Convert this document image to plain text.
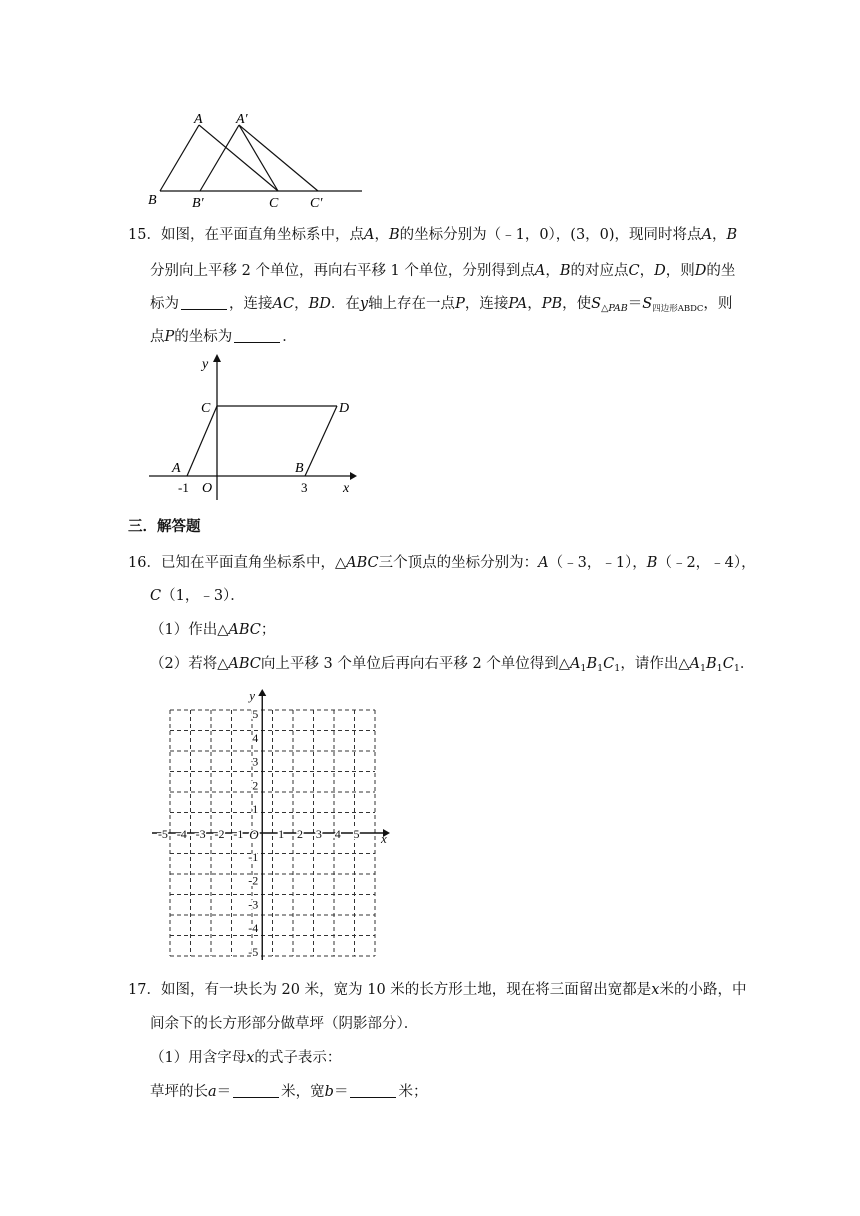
A A′
B	B′	C C′
15．如图，在平面直角坐标系中，点A，B的坐标分别为（﹣1，0），(3，0)，现同时将点A，B
分别向上平移 2 个单位，再向右平移 1 个单位，分别得到点A，B的对应点C，D，则D的坐
标为	，连接AC，BD．在y轴上存在一点P，连接PA，PB，使$S_{\triangle PAB}=S_{四边形ABDC}$，则
点P的坐标为	．
y
C	D
A	B
-1 O	3	x
三．解答题
16．已知在平面直角坐标系中，△ABC三个顶点的坐标分别为：A（﹣3，﹣1），B（﹣2，﹣4），
C（1，﹣3）．
（1）作出△ABC；
（2）若将△ABC向上平移 3 个单位后再向右平移 2 个单位得到$\triangle A_1B_1C_1$，请作出$\triangle A_1B_1C_1$．
-5 -4 -3 -2 -1	1 2 3 4 5
5
4
3
2
1
-1
-2
-3
-4
-5
O	x
y
17．如图，有一块长为 20 米，宽为 10 米的长方形土地，现在将三面留出宽都是x米的小路，中
间余下的长方形部分做草坪（阴影部分）．
（1）用含字母x的式子表示：
草坪的长a＝	米，宽b＝	米；
